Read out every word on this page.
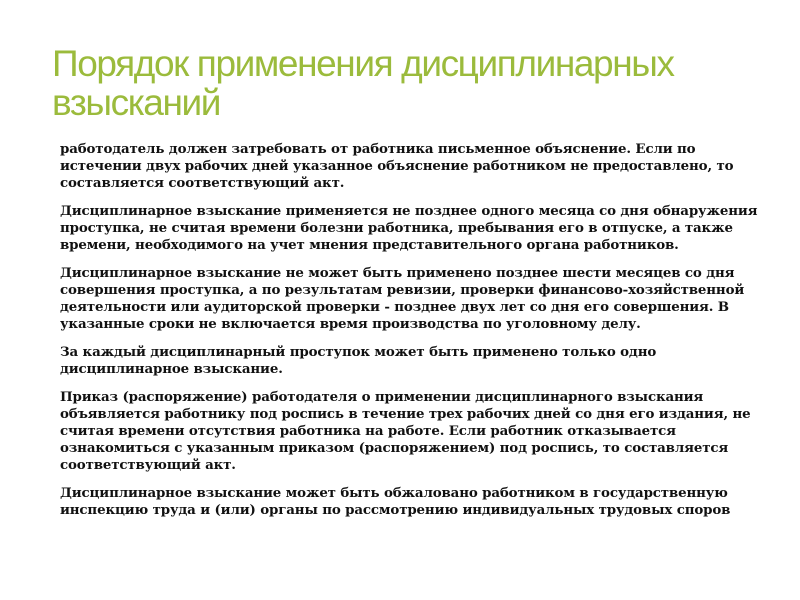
Порядок применения дисциплинарных взысканий

работодатель должен затребовать от работника письменное объяснение. Если по истечении двух рабочих дней указанное объяснение работником не предоставлено, то составляется соответствующий акт.

Дисциплинарное взыскание применяется не позднее одного месяца со дня обнаружения проступка, не считая времени болезни работника, пребывания его в отпуске, а также времени, необходимого на учет мнения представительного органа работников.

Дисциплинарное взыскание не может быть применено позднее шести месяцев со дня совершения проступка, а по результатам ревизии, проверки финансово-хозяйственной деятельности или аудиторской проверки - позднее двух лет со дня его совершения. В указанные сроки не включается время производства по уголовному делу.

За каждый дисциплинарный проступок может быть применено только одно дисциплинарное взыскание.

Приказ (распоряжение) работодателя о применении дисциплинарного взыскания объявляется работнику под роспись в течение трех рабочих дней со дня его издания, не считая времени отсутствия работника на работе. Если работник отказывается ознакомиться с указанным приказом (распоряжением) под роспись, то составляется соответствующий акт.

Дисциплинарное взыскание может быть обжаловано работником в государственную инспекцию труда и (или) органы по рассмотрению индивидуальных трудовых споров
